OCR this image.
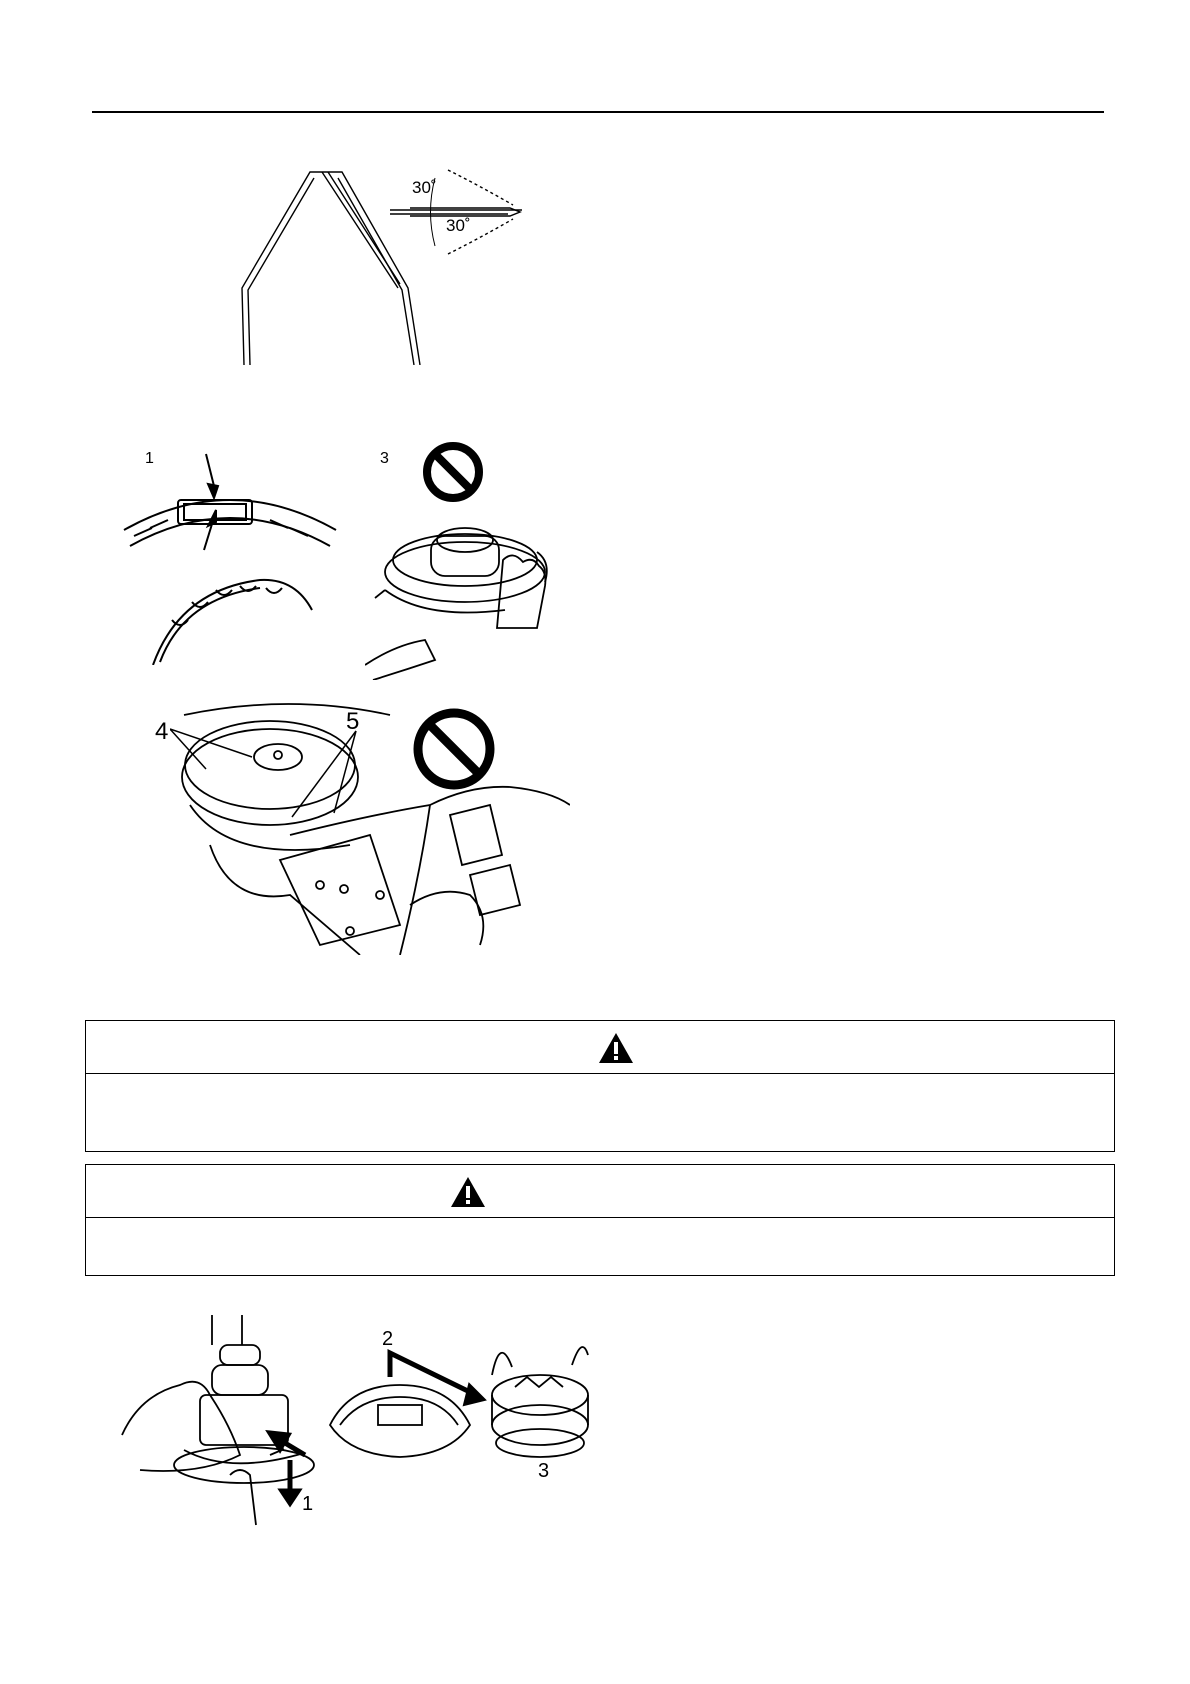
30˚
30˚
1	3
4	5
2
1
3
